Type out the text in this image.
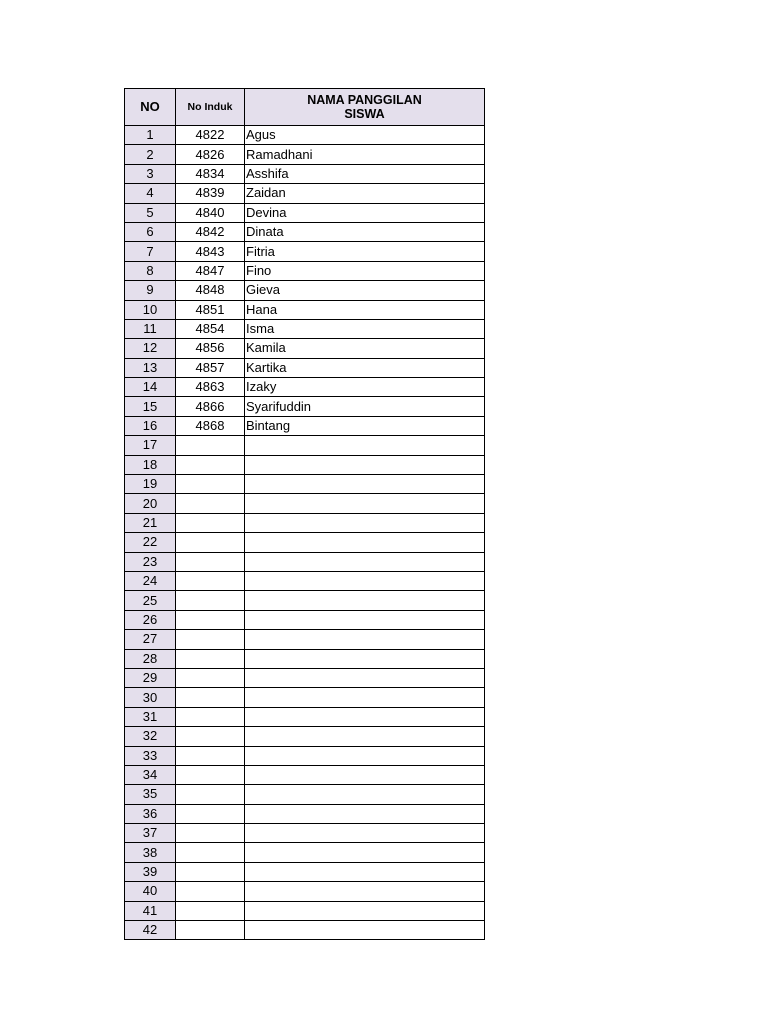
NO	No Induk	NAMA PANGGILAN
SISWA
1	4822	Agus
2	4826	Ramadhani
3	4834	Asshifa
4	4839	Zaidan
5	4840	Devina
6	4842	Dinata
7	4843	Fitria
8	4847	Fino
9	4848	Gieva
10	4851	Hana
11	4854	Isma
12	4856	Kamila
13	4857	Kartika
14	4863	Izaky
15	4866	Syarifuddin
16	4868	Bintang
17		
18		
19		
20		
21		
22		
23		
24		
25		
26		
27		
28		
29		
30		
31		
32		
33		
34		
35		
36		
37		
38		
39		
40		
41		
42		
